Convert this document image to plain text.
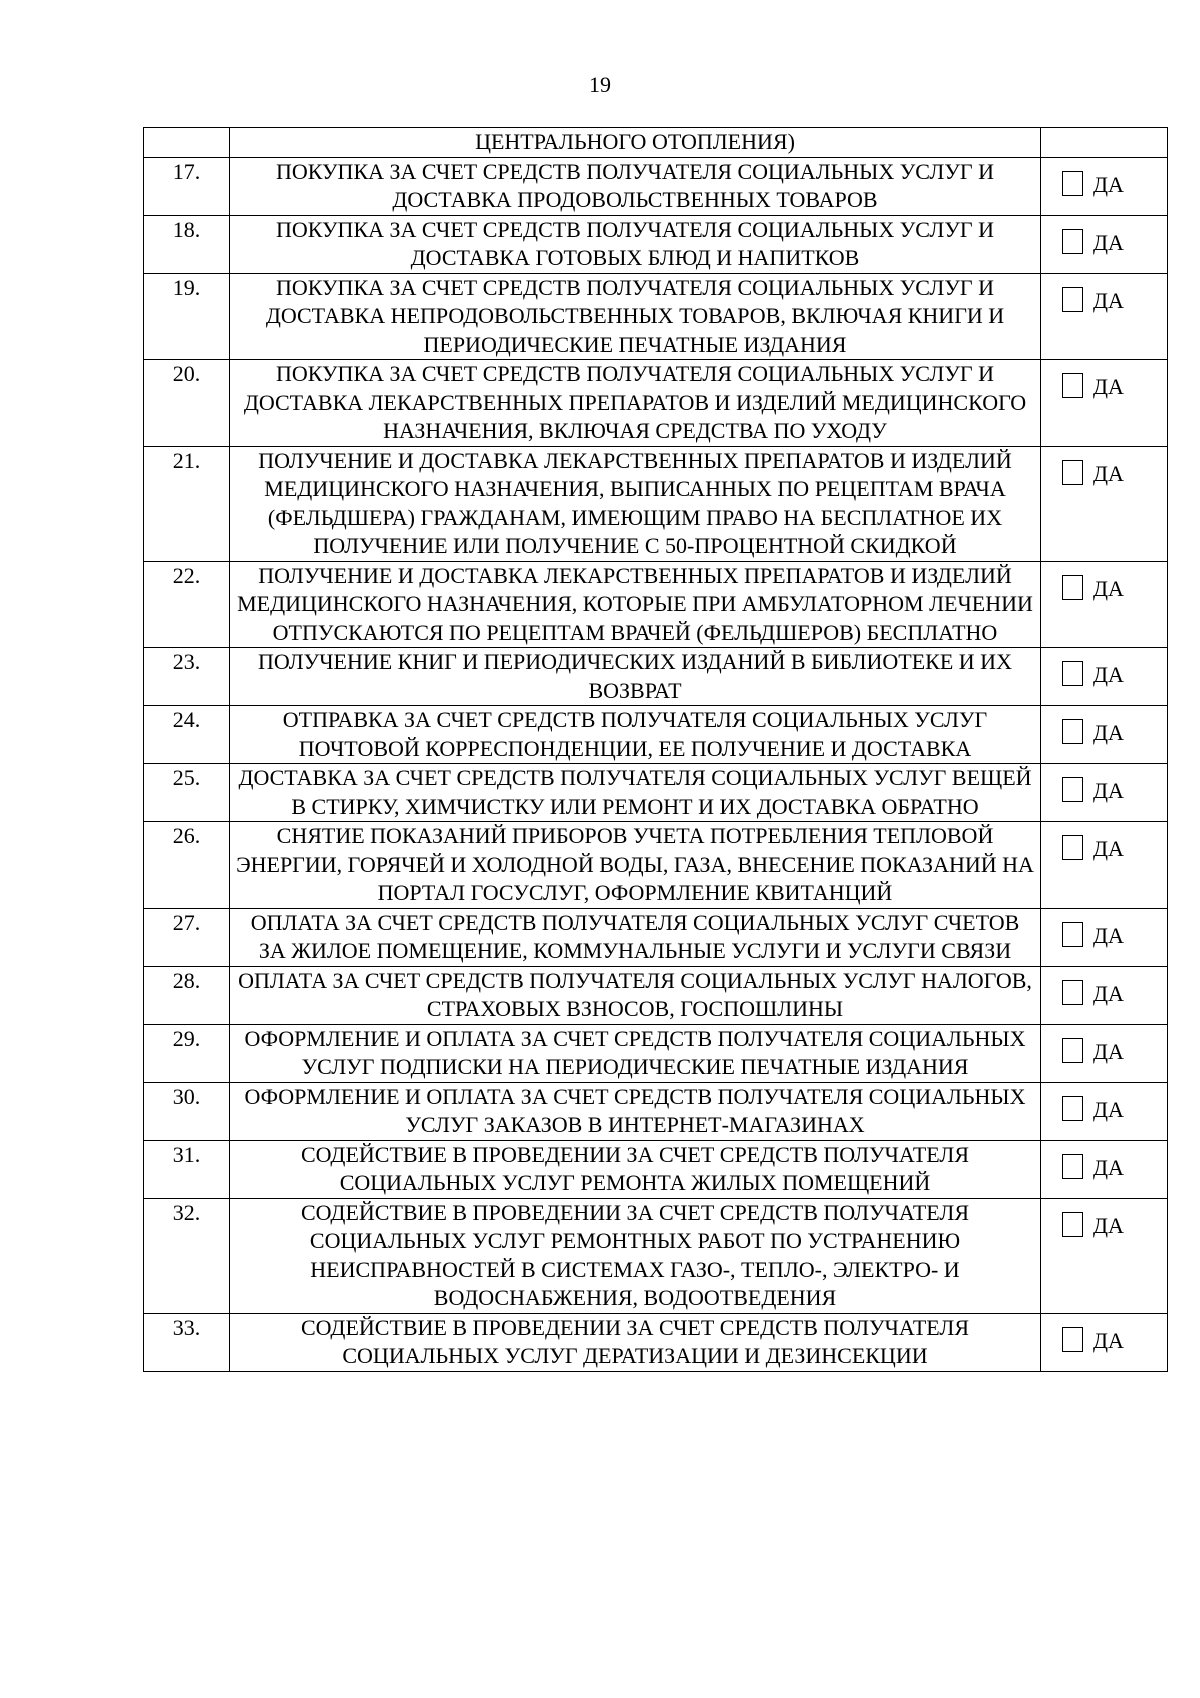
19
	ЦЕНТРАЛЬНОГО ОТОПЛЕНИЯ)	
17.	ПОКУПКА ЗА СЧЕТ СРЕДСТВ ПОЛУЧАТЕЛЯ СОЦИАЛЬНЫХ УСЛУГ И ДОСТАВКА ПРОДОВОЛЬСТВЕННЫХ ТОВАРОВ	ДА

18.	ПОКУПКА ЗА СЧЕТ СРЕДСТВ ПОЛУЧАТЕЛЯ СОЦИАЛЬНЫХ УСЛУГ И ДОСТАВКА ГОТОВЫХ БЛЮД И НАПИТКОВ	ДА

19.	ПОКУПКА ЗА СЧЕТ СРЕДСТВ ПОЛУЧАТЕЛЯ СОЦИАЛЬНЫХ УСЛУГ И ДОСТАВКА НЕПРОДОВОЛЬСТВЕННЫХ ТОВАРОВ, ВКЛЮЧАЯ КНИГИ И ПЕРИОДИЧЕСКИЕ ПЕЧАТНЫЕ ИЗДАНИЯ	ДА

20.	ПОКУПКА ЗА СЧЕТ СРЕДСТВ ПОЛУЧАТЕЛЯ СОЦИАЛЬНЫХ УСЛУГ И ДОСТАВКА ЛЕКАРСТВЕННЫХ ПРЕПАРАТОВ И ИЗДЕЛИЙ МЕДИЦИНСКОГО НАЗНАЧЕНИЯ, ВКЛЮЧАЯ СРЕДСТВА ПО УХОДУ	ДА

21.	ПОЛУЧЕНИЕ И ДОСТАВКА ЛЕКАРСТВЕННЫХ ПРЕПАРАТОВ И ИЗДЕЛИЙ МЕДИЦИНСКОГО НАЗНАЧЕНИЯ, ВЫПИСАННЫХ ПО РЕЦЕПТАМ ВРАЧА (ФЕЛЬДШЕРА) ГРАЖДАНАМ, ИМЕЮЩИМ ПРАВО НА БЕСПЛАТНОЕ ИХ ПОЛУЧЕНИЕ ИЛИ ПОЛУЧЕНИЕ С 50-ПРОЦЕНТНОЙ СКИДКОЙ	ДА

22.	ПОЛУЧЕНИЕ И ДОСТАВКА ЛЕКАРСТВЕННЫХ ПРЕПАРАТОВ И ИЗДЕЛИЙ МЕДИЦИНСКОГО НАЗНАЧЕНИЯ, КОТОРЫЕ ПРИ АМБУЛАТОРНОМ ЛЕЧЕНИИ ОТПУСКАЮТСЯ ПО РЕЦЕПТАМ ВРАЧЕЙ (ФЕЛЬДШЕРОВ) БЕСПЛАТНО	ДА

23.	ПОЛУЧЕНИЕ КНИГ И ПЕРИОДИЧЕСКИХ ИЗДАНИЙ В БИБЛИОТЕКЕ И ИХ ВОЗВРАТ	ДА

24.	ОТПРАВКА ЗА СЧЕТ СРЕДСТВ ПОЛУЧАТЕЛЯ СОЦИАЛЬНЫХ УСЛУГ ПОЧТОВОЙ КОРРЕСПОНДЕНЦИИ, ЕЕ ПОЛУЧЕНИЕ И ДОСТАВКА	ДА

25.	ДОСТАВКА ЗА СЧЕТ СРЕДСТВ ПОЛУЧАТЕЛЯ СОЦИАЛЬНЫХ УСЛУГ ВЕЩЕЙ В СТИРКУ, ХИМЧИСТКУ ИЛИ РЕМОНТ И ИХ ДОСТАВКА ОБРАТНО	ДА

26.	СНЯТИЕ ПОКАЗАНИЙ ПРИБОРОВ УЧЕТА ПОТРЕБЛЕНИЯ ТЕПЛОВОЙ ЭНЕРГИИ, ГОРЯЧЕЙ И ХОЛОДНОЙ ВОДЫ, ГАЗА, ВНЕСЕНИЕ ПОКАЗАНИЙ НА ПОРТАЛ ГОСУСЛУГ, ОФОРМЛЕНИЕ КВИТАНЦИЙ	ДА

27.	ОПЛАТА ЗА СЧЕТ СРЕДСТВ ПОЛУЧАТЕЛЯ СОЦИАЛЬНЫХ УСЛУГ СЧЕТОВ ЗА ЖИЛОЕ ПОМЕЩЕНИЕ, КОММУНАЛЬНЫЕ УСЛУГИ И УСЛУГИ СВЯЗИ	ДА

28.	ОПЛАТА ЗА СЧЕТ СРЕДСТВ ПОЛУЧАТЕЛЯ СОЦИАЛЬНЫХ УСЛУГ НАЛОГОВ, СТРАХОВЫХ ВЗНОСОВ, ГОСПОШЛИНЫ	ДА

29.	ОФОРМЛЕНИЕ И ОПЛАТА ЗА СЧЕТ СРЕДСТВ ПОЛУЧАТЕЛЯ СОЦИАЛЬНЫХ УСЛУГ ПОДПИСКИ НА ПЕРИОДИЧЕСКИЕ ПЕЧАТНЫЕ ИЗДАНИЯ	ДА

30.	ОФОРМЛЕНИЕ И ОПЛАТА ЗА СЧЕТ СРЕДСТВ ПОЛУЧАТЕЛЯ СОЦИАЛЬНЫХ УСЛУГ ЗАКАЗОВ В ИНТЕРНЕТ-МАГАЗИНАХ	ДА

31.	СОДЕЙСТВИЕ В ПРОВЕДЕНИИ ЗА СЧЕТ СРЕДСТВ ПОЛУЧАТЕЛЯ СОЦИАЛЬНЫХ УСЛУГ РЕМОНТА ЖИЛЫХ ПОМЕЩЕНИЙ	ДА

32.	СОДЕЙСТВИЕ В ПРОВЕДЕНИИ ЗА СЧЕТ СРЕДСТВ ПОЛУЧАТЕЛЯ СОЦИАЛЬНЫХ УСЛУГ РЕМОНТНЫХ РАБОТ ПО УСТРАНЕНИЮ НЕИСПРАВНОСТЕЙ В СИСТЕМАХ ГАЗО-, ТЕПЛО-, ЭЛЕКТРО- И ВОДОСНАБЖЕНИЯ, ВОДООТВЕДЕНИЯ	ДА

33.	СОДЕЙСТВИЕ В ПРОВЕДЕНИИ ЗА СЧЕТ СРЕДСТВ ПОЛУЧАТЕЛЯ СОЦИАЛЬНЫХ УСЛУГ ДЕРАТИЗАЦИИ И ДЕЗИНСЕКЦИИ	ДА
